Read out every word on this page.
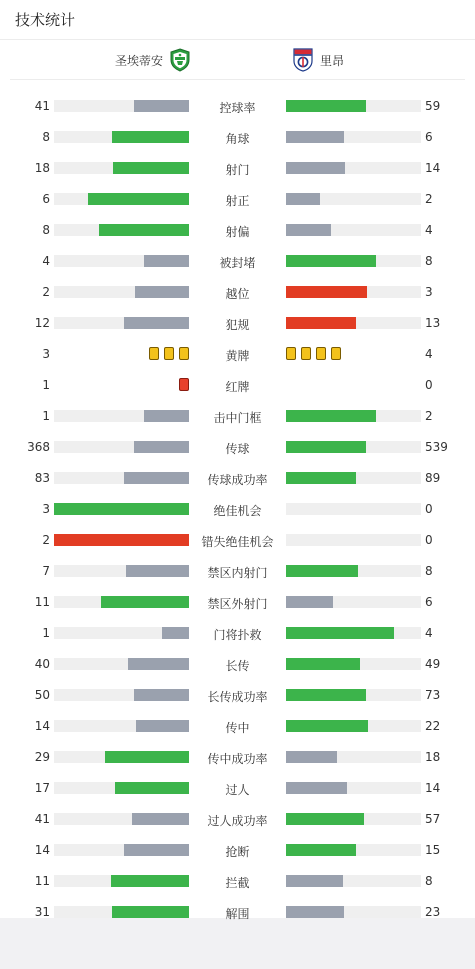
技术统计
圣埃蒂安	里昂
41	控球率	59
8	角球	6
18	射门	14
6	射正	2
8	射偏	4
4	被封堵	8
2	越位	3
12	犯规	13
3	黄牌	4
1	红牌	0
1	击中门框	2
368	传球	539
83	传球成功率	89
3	绝佳机会	0
2	错失绝佳机会	0
7	禁区内射门	8
11	禁区外射门	6
1	门将扑救	4
40	长传	49
50	长传成功率	73
14	传中	22
29	传中成功率	18
17	过人	14
41	过人成功率	57
14	抢断	15
11	拦截	8
31	解围	23
